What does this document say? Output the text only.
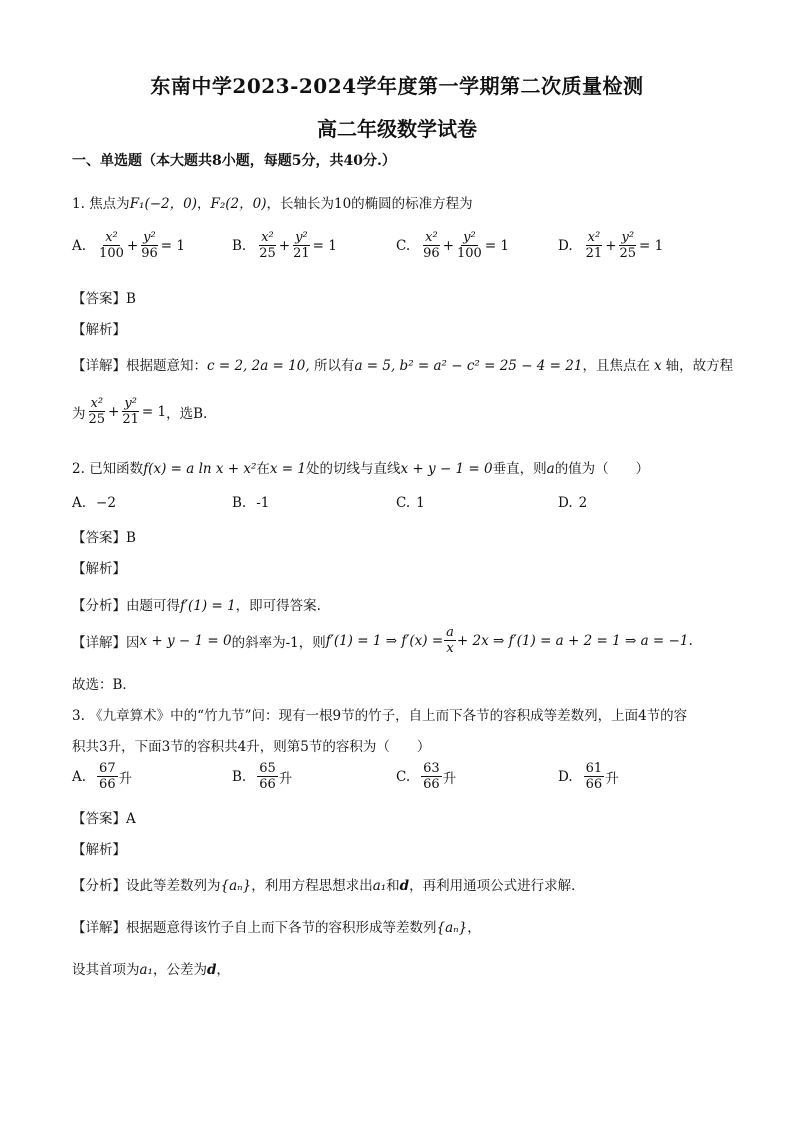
东南中学2023-2024学年度第一学期第二次质量检测
高二年级数学试卷
一、单选题（本大题共8小题，每题5分，共40分.）
1. 焦点为F₁(−2，0)，F₂(2，0)，长轴长为10的椭圆的标准方程为
A. $\frac{\text{x²}}{100} + \frac{\text{y²}}{96} = 1$	B. $\frac{\text{x²}}{25} + \frac{\text{y²}}{21} = 1$	C. $\frac{\text{x²}}{96} + \frac{\text{y²}}{100} = 1$	D. $\frac{\text{x²}}{21} + \frac{\text{y²}}{25} = 1$
【答案】B
【解析】
【详解】根据题意知：c = 2, 2a = 10, 所以有a = 5, b² = a² − c² = 25 − 4 = 21，且焦点在 x 轴，故方程
为 $\frac{\text{x²}}{25} + \frac{\text{y²}}{21} = 1$ ，选B.
2. 已知函数f(x) = a ln x + x²在x = 1处的切线与直线x + y − 1 = 0垂直，则a的值为（　　）
A. −2	B. -1	C. 1	D. 2
【答案】B
【解析】
【分析】由题可得f′(1) = 1，即可得答案.
【详解】 因 x + y − 1 = 0 的斜率为-1，则 f′(1) = 1 ⇒ $f'(x) = \frac{a}{x} + 2x$ ⇒ f′(1) = a + 2 = 1 ⇒ a = −1 .
故选：B．
3. 《九章算术》中的“竹九节”问：现有一根9节的竹子，自上而下各节的容积成等差数列，上面4节的容
积共3升，下面3节的容积共4升，则第5节的容积为（　　）
A. $\frac{67}{66}$ 升	B. $\frac{65}{66}$ 升	C. $\frac{63}{66}$ 升	D. $\frac{61}{66}$ 升
【答案】A
【解析】
【分析】设此等差数列为{aₙ}，利用方程思想求出a₁和d，再利用通项公式进行求解．
【详解】根据题意得该竹子自上而下各节的容积形成等差数列{aₙ}，
设其首项为a₁，公差为d，
